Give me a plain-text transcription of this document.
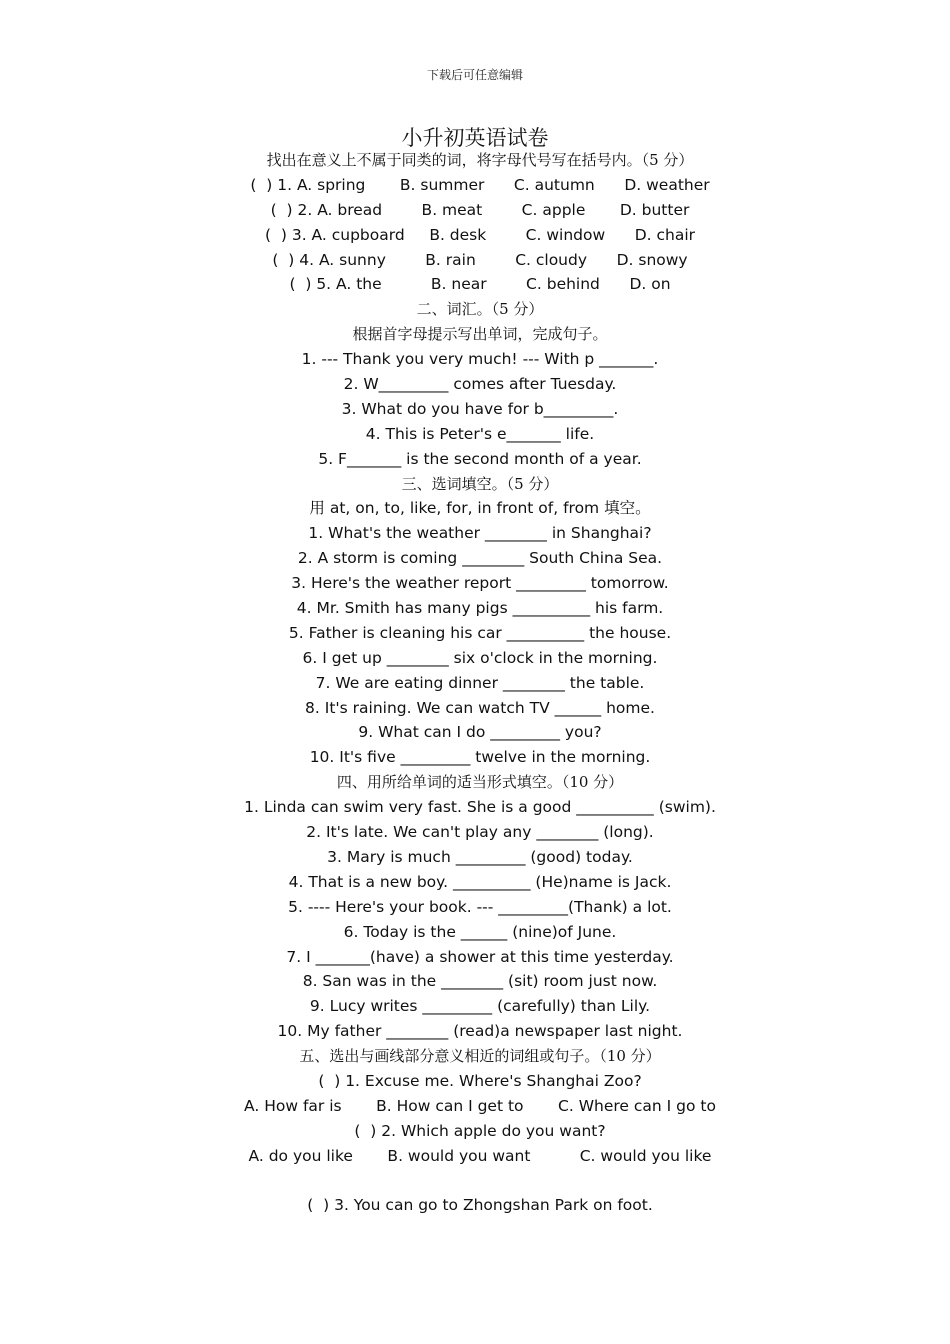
下载后可任意编辑
小升初英语试卷
找出在意义上不属于同类的词，将字母代号写在括号内。（5 分）
(  ) 1. A. spring       B. summer      C. autumn      D. weather
(  ) 2. A. bread        B. meat        C. apple       D. butter
(  ) 3. A. cupboard     B. desk        C. window      D. chair
(  ) 4. A. sunny        B. rain        C. cloudy      D. snowy
(  ) 5. A. the          B. near        C. behind      D. on
二、词汇。（5 分）
根据首字母提示写出单词，完成句子。
1. --- Thank you very much! --- With p _______.
2. W_________ comes after Tuesday.
3. What do you have for b_________.
4. This is Peter's e_______ life.
5. F_______ is the second month of a year.
三、选词填空。（5 分）
用 at, on, to, like, for, in front of, from 填空。
1. What's the weather ________ in Shanghai?
2. A storm is coming ________ South China Sea.
3. Here's the weather report _________ tomorrow.
4. Mr. Smith has many pigs __________ his farm.
5. Father is cleaning his car __________ the house.
6. I get up ________ six o'clock in the morning.
7. We are eating dinner ________ the table.
8. It's raining. We can watch TV ______ home.
9. What can I do _________ you?
10. It's five _________ twelve in the morning.
四、用所给单词的适当形式填空。（10 分）
1. Linda can swim very fast. She is a good __________ (swim).
2. It's late. We can't play any ________ (long).
3. Mary is much _________ (good) today.
4. That is a new boy. __________ (He)name is Jack.
5. ---- Here's your book. --- _________(Thank) a lot.
6. Today is the ______ (nine)of June.
7. I _______(have) a shower at this time yesterday.
8. San was in the ________ (sit) room just now.
9. Lucy writes _________ (carefully) than Lily.
10. My father ________ (read)a newspaper last night.
五、选出与画线部分意义相近的词组或句子。（10 分）
(  ) 1. Excuse me. Where's Shanghai Zoo?
A. How far is       B. How can I get to       C. Where can I go to
(  ) 2. Which apple do you want?
A. do you like       B. would you want          C. would you like
(  ) 3. You can go to Zhongshan Park on foot.
